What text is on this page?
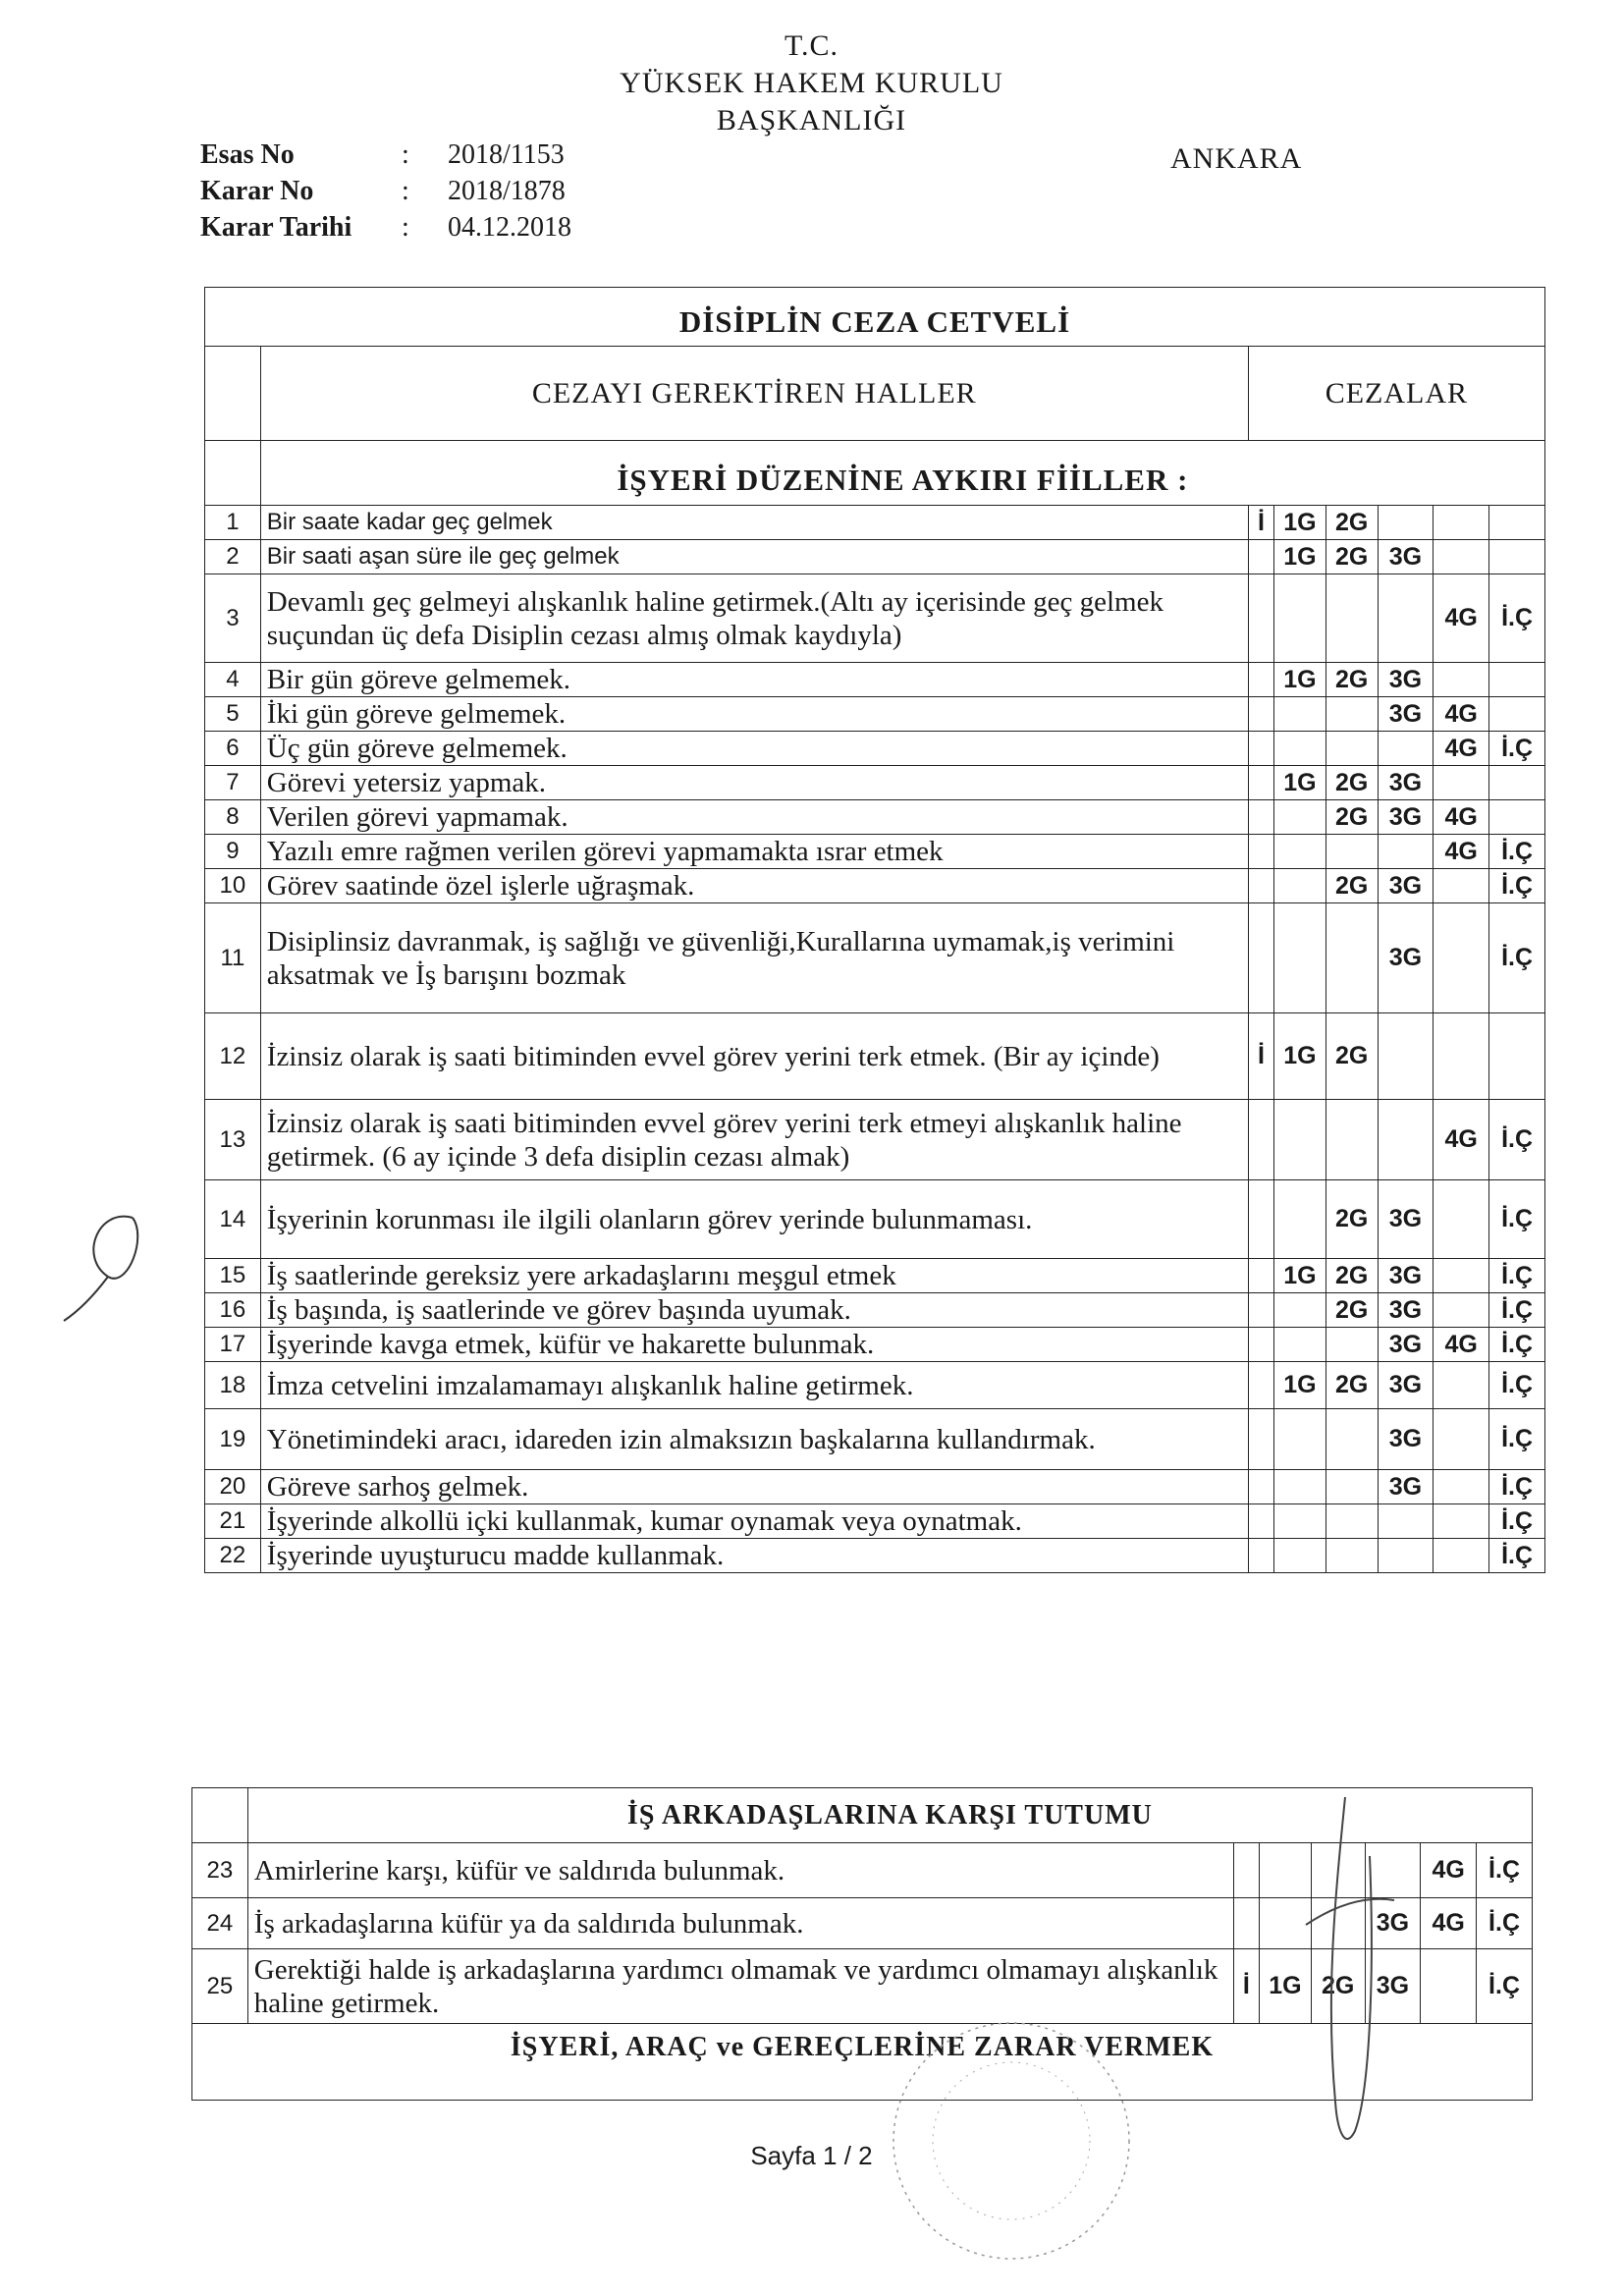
T.C.
YÜKSEK HAKEM KURULU
BAŞKANLIĞI
ANKARA
Esas No	: 2018/1153
Karar No	: 2018/1878
Karar Tarihi : 04.12.2018
DİSİPLİN CEZA CETVELİ							
	CEZAYI GEREKTİREN HALLER	CEZALAR					
	İŞYERİ DÜZENİNE AYKIRI FİİLLER :						
1	Bir saate kadar geç gelmek	İ	1G	2G			
2	Bir saati aşan süre ile geç gelmek		1G	2G	3G		
3	Devamlı geç gelmeyi alışkanlık haline getirmek.(Altı ay içerisinde geç gelmek suçundan üç defa Disiplin cezası almış olmak kaydıyla)					4G	İ.Ç
4	Bir gün göreve gelmemek.		1G	2G	3G		
5	İki gün göreve gelmemek.				3G	4G	
6	Üç gün göreve gelmemek.					4G	İ.Ç
7	Görevi yetersiz yapmak.		1G	2G	3G		
8	Verilen görevi yapmamak.			2G	3G	4G	
9	Yazılı emre rağmen verilen görevi yapmamakta ısrar etmek					4G	İ.Ç
10	Görev saatinde özel işlerle uğraşmak.			2G	3G		İ.Ç
11	Disiplinsiz davranmak, iş sağlığı ve güvenliği,Kurallarına uymamak,iş verimini aksatmak ve İş barışını bozmak				3G		İ.Ç
12	İzinsiz olarak iş saati bitiminden evvel görev yerini terk etmek. (Bir ay içinde)	İ	1G	2G			
13	İzinsiz olarak iş saati bitiminden evvel görev yerini terk etmeyi alışkanlık haline getirmek. (6 ay içinde 3 defa disiplin cezası almak)					4G	İ.Ç
14	İşyerinin korunması ile ilgili olanların görev yerinde bulunmaması.			2G	3G		İ.Ç
15	İş saatlerinde gereksiz yere arkadaşlarını meşgul etmek		1G	2G	3G		İ.Ç
16	İş başında, iş saatlerinde ve görev başında uyumak.			2G	3G		İ.Ç
17	İşyerinde kavga etmek, küfür ve hakarette bulunmak.				3G	4G	İ.Ç
18	İmza cetvelini imzalamamayı alışkanlık haline getirmek.		1G	2G	3G		İ.Ç
19	Yönetimindeki aracı, idareden izin almaksızın başkalarına kullandırmak.				3G		İ.Ç
20	Göreve sarhoş gelmek.				3G		İ.Ç
21	İşyerinde alkollü içki kullanmak, kumar oynamak veya oynatmak.						İ.Ç
22	İşyerinde uyuşturucu madde kullanmak.						İ.Ç
	İŞ ARKADAŞLARINA KARŞI TUTUMU						
23	Amirlerine karşı, küfür ve saldırıda bulunmak.					4G	İ.Ç
24	İş arkadaşlarına küfür ya da saldırıda bulunmak.				3G	4G	İ.Ç
25	Gerektiği halde iş arkadaşlarına yardımcı olmamak ve yardımcı olmamayı alışkanlık haline getirmek.	İ	1G	2G	3G		İ.Ç
İŞYERİ, ARAÇ ve GEREÇLERİNE ZARAR VERMEK
Sayfa 1 / 2
